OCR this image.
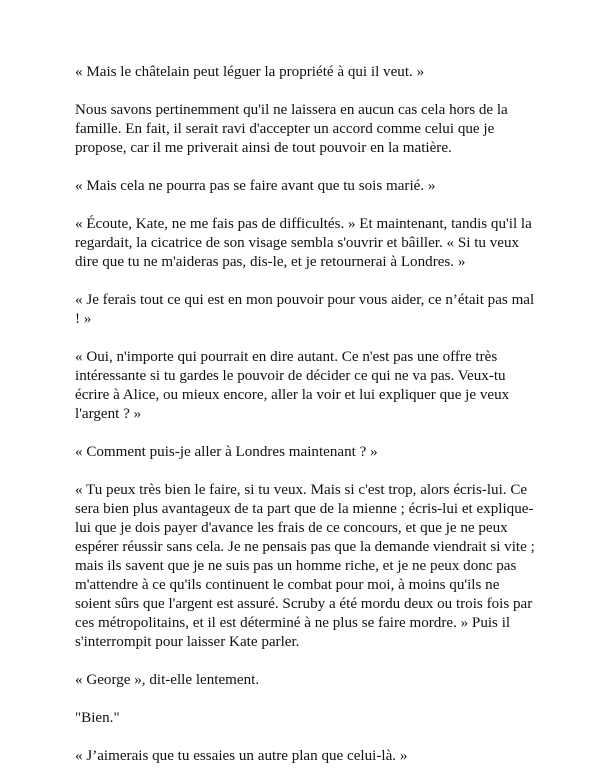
« Mais le châtelain peut léguer la propriété à qui il veut. »

Nous savons pertinemment qu'il ne laissera en aucun cas cela hors de la
famille. En fait, il serait ravi d'accepter un accord comme celui que je
propose, car il me priverait ainsi de tout pouvoir en la matière.

« Mais cela ne pourra pas se faire avant que tu sois marié. »

« Écoute, Kate, ne me fais pas de difficultés. » Et maintenant, tandis qu'il la
regardait, la cicatrice de son visage sembla s'ouvrir et bâiller. « Si tu veux
dire que tu ne m'aideras pas, dis-le, et je retournerai à Londres. »

« Je ferais tout ce qui est en mon pouvoir pour vous aider, ce n’était pas mal
! »

« Oui, n'importe qui pourrait en dire autant. Ce n'est pas une offre très
intéressante si tu gardes le pouvoir de décider ce qui ne va pas. Veux-tu
écrire à Alice, ou mieux encore, aller la voir et lui expliquer que je veux
l'argent ? »

« Comment puis-je aller à Londres maintenant ? »

« Tu peux très bien le faire, si tu veux. Mais si c'est trop, alors écris-lui. Ce
sera bien plus avantageux de ta part que de la mienne ; écris-lui et explique-
lui que je dois payer d'avance les frais de ce concours, et que je ne peux
espérer réussir sans cela. Je ne pensais pas que la demande viendrait si vite ;
mais ils savent que je ne suis pas un homme riche, et je ne peux donc pas
m'attendre à ce qu'ils continuent le combat pour moi, à moins qu'ils ne
soient sûrs que l'argent est assuré. Scruby a été mordu deux ou trois fois par
ces métropolitains, et il est déterminé à ne plus se faire mordre. » Puis il
s'interrompit pour laisser Kate parler.

« George », dit-elle lentement.

"Bien."

« J’aimerais que tu essaies un autre plan que celui-là. »
